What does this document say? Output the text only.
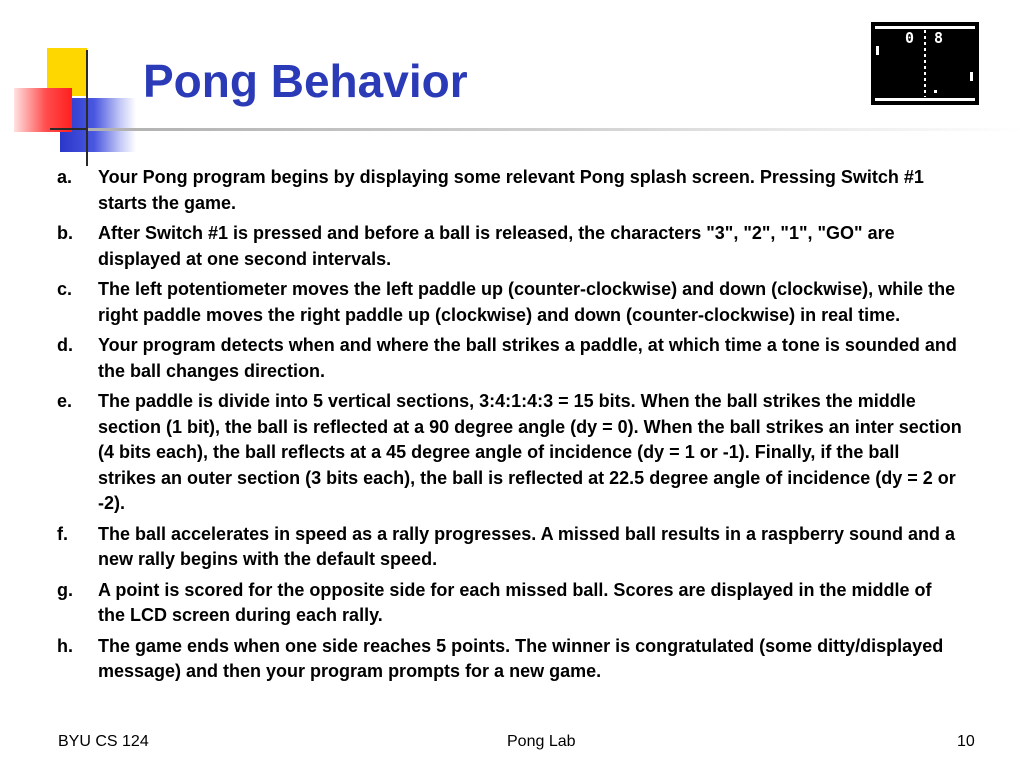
Pong Behavior
0 8
a.	Your Pong program begins by displaying some relevant Pong splash screen. Pressing Switch #1 starts the game.
b.	After Switch #1 is pressed and before a ball is released, the characters "3", "2", "1", "GO" are displayed at one second intervals.
c.	The left potentiometer moves the left paddle up (counter-clockwise) and down (clockwise), while the right paddle moves the right paddle up (clockwise) and down (counter-clockwise) in real time.
d.	Your program detects when and where the ball strikes a paddle, at which time a tone is sounded and the ball changes direction.
e.	The paddle is divide into 5 vertical sections, 3:4:1:4:3 = 15 bits. When the ball strikes the middle section (1 bit), the ball is reflected at a 90 degree angle (dy = 0). When the ball strikes an inter section (4 bits each), the ball reflects at a 45 degree angle of incidence (dy = 1 or -1). Finally, if the ball strikes an outer section (3 bits each), the ball is reflected at 22.5 degree angle of incidence (dy = 2 or -2).
f.	The ball accelerates in speed as a rally progresses. A missed ball results in a raspberry sound and a new rally begins with the default speed.
g.	A point is scored for the opposite side for each missed ball. Scores are displayed in the middle of the LCD screen during each rally.
h.	The game ends when one side reaches 5 points. The winner is congratulated (some ditty/displayed message) and then your program prompts for a new game.
BYU CS 124	Pong Lab	10
